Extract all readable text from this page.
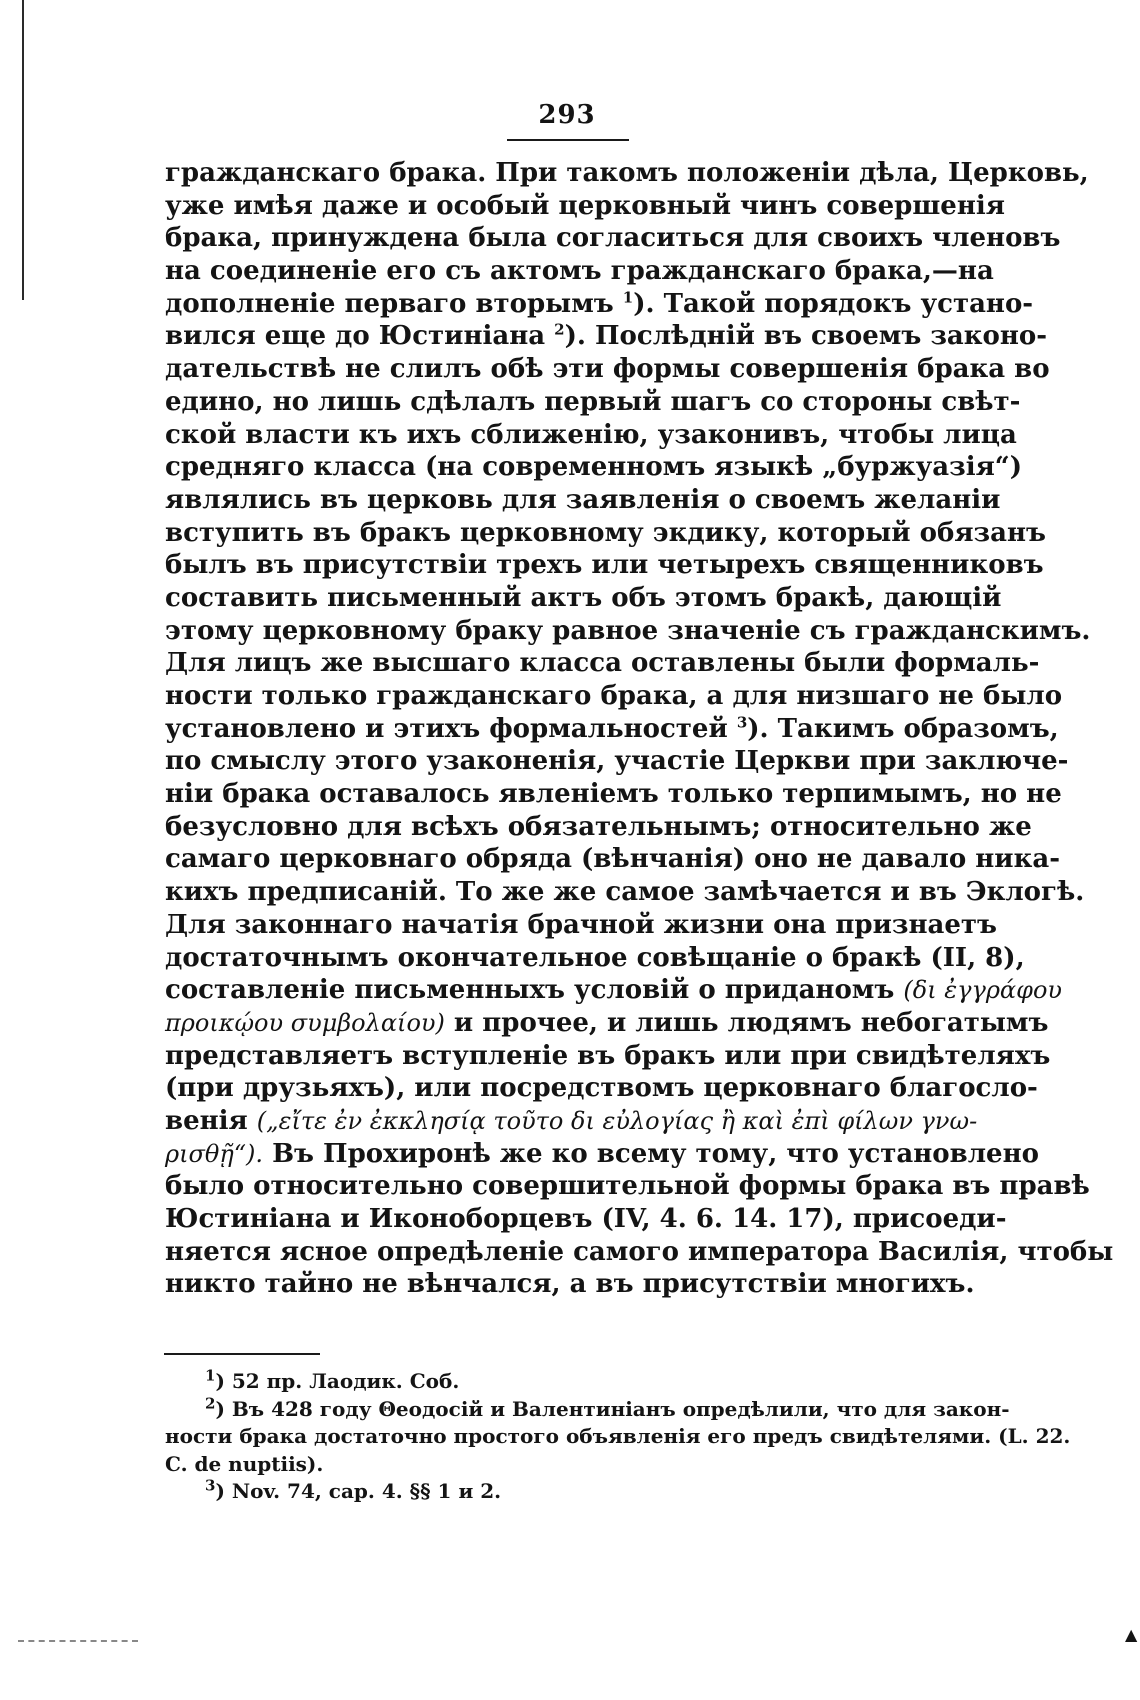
293
гражданскаго брака. При такомъ положенiи дѣла, Церковь,
уже имѣя даже и особый церковный чинъ совершенiя
брака, принуждена была согласиться для своихъ членовъ
на соединенiе его съ актомъ гражданскаго брака,—на
дополненiе перваго вторымъ $^1$). Такой порядокъ устано-
вился еще до Юстинiана $^2$). Послѣднiй въ своемъ законо-
дательствѣ не слилъ обѣ эти формы совершенiя брака во
едино, но лишь сдѣлалъ первый шагъ со стороны свѣт-
ской власти къ ихъ сближенiю, узаконивъ, чтобы лица
средняго класса (на современномъ языкѣ „буржуазiя“)
являлись въ церковь для заявленiя о своемъ желанiи
вступить въ бракъ церковному экдику, который обязанъ
былъ въ присутствiи трехъ или четырехъ священниковъ
составить письменный актъ объ этомъ бракѣ, дающiй
этому церковному браку равное значенiе съ гражданскимъ.
Для лицъ же высшаго класса оставлены были формаль-
ности только гражданскаго брака, а для низшаго не было
установлено и этихъ формальностей $^3$). Такимъ образомъ,
по смыслу этого узаконенiя, участiе Церкви при заключе-
нiи брака оставалось явленiемъ только терпимымъ, но не
безусловно для всѣхъ обязательнымъ; относительно же
самаго церковнаго обряда (вѣнчанiя) оно не давало ника-
кихъ предписанiй. То же же самое замѣчается и въ Эклогѣ.
Для законнаго начатiя брачной жизни она признаетъ
достаточнымъ окончательное совѣщанiе о бракѣ (II, 8),
составленiе письменныхъ условiй о приданомъ (δι ἐγγράφου
προικῴου συμβολαίου) и прочее, и лишь людямъ небогатымъ
представляетъ вступленiе въ бракъ или при свидѣтеляхъ
(при друзьяхъ), или посредствомъ церковнаго благосло-
венiя („εἴτε ἐν ἐκκλησίᾳ τοῦτο δι εὐλογίας ἢ καὶ ἐπὶ φίλων γνω-
ρισθῇ“). Въ Прохиронѣ же ко всему тому, что установлено
было относительно совершительной формы брака въ правѣ
Юстинiана и Иконоборцевъ (IV, 4. 6. 14. 17), присоеди-
няется ясное опредѣленiе самого императора Василiя, чтобы
никто тайно не вѣнчался, а въ присутствiи многихъ.
$^1$) 52 пр. Лаодик. Соб.
$^2$) Въ 428 году Θеодосiй и Валентинiанъ опредѣлили, что для закон-
ности брака достаточно простого объявленiя его предъ свидѣтелями. (L. 22.
C. de nuptiis).
$^3$) Nov. 74, cap. 4. §§ 1 и 2.
▲
